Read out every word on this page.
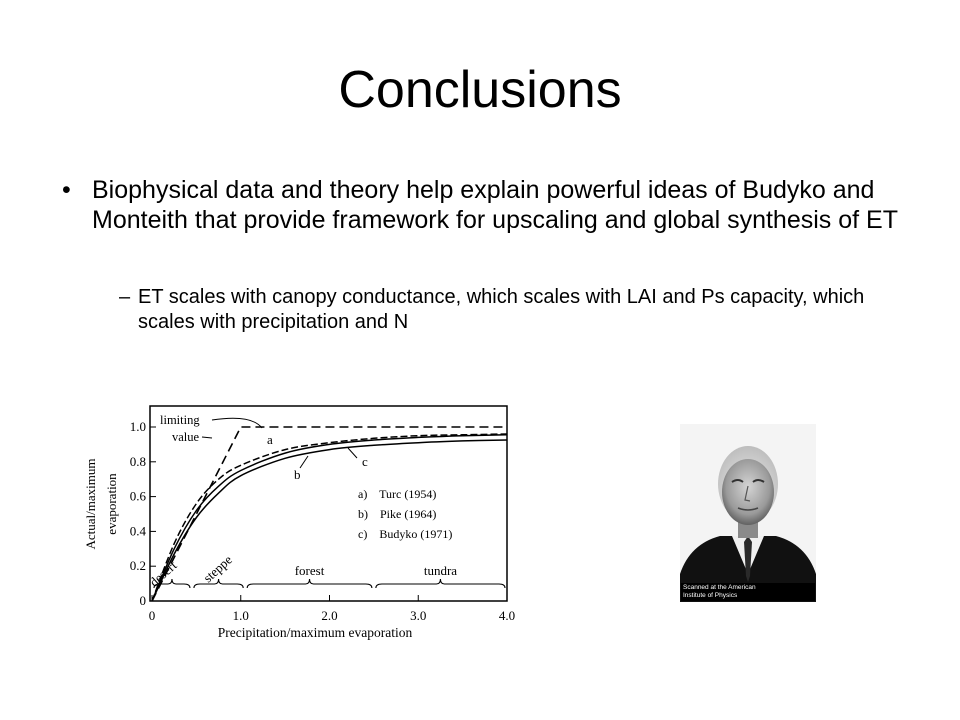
Conclusions
• Biophysical data and theory help explain powerful ideas of Budyko and Monteith that provide framework for upscaling and global synthesis of ET
– ET scales with canopy conductance, which scales with LAI and Ps capacity, which scales with precipitation and N
0
0.2
0.4
0.6
0.8
1.0
0	1.0	2.0	3.0	4.0
Actual/maximum evaporation
Precipitation/maximum evaporation
limiting
value	a
b
c
a)    Turc (1954)
b)    Pike (1964)
c)    Budyko (1971)
desert steppe	forest	tundra
Scanned at the American
Institute of Physics
